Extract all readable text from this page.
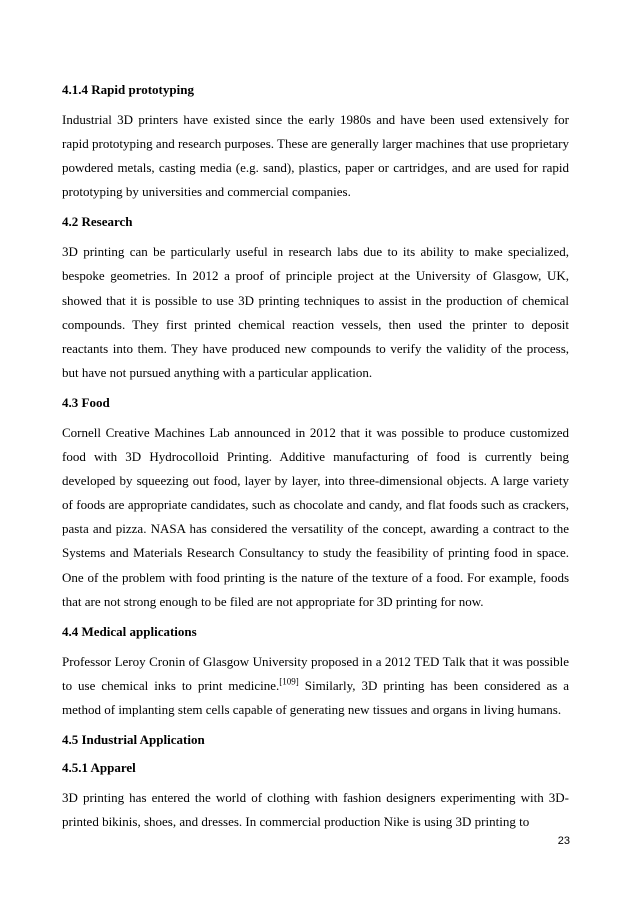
4.1.4 Rapid prototyping

Industrial 3D printers have existed since the early 1980s and have been used extensively for rapid prototyping and research purposes. These are generally larger machines that use proprietary powdered metals, casting media (e.g. sand), plastics, paper or cartridges, and are used for rapid prototyping by universities and commercial companies.

4.2 Research

3D printing can be particularly useful in research labs due to its ability to make specialized, bespoke geometries. In 2012 a proof of principle project at the University of Glasgow, UK, showed that it is possible to use 3D printing techniques to assist in the production of chemical compounds. They first printed chemical reaction vessels, then used the printer to deposit reactants into them. They have produced new compounds to verify the validity of the process, but have not pursued anything with a particular application.

4.3 Food

Cornell Creative Machines Lab announced in 2012 that it was possible to produce customized food with 3D Hydrocolloid Printing. Additive manufacturing of food is currently being developed by squeezing out food, layer by layer, into three-dimensional objects. A large variety of foods are appropriate candidates, such as chocolate and candy, and flat foods such as crackers, pasta and pizza. NASA has considered the versatility of the concept, awarding a contract to the Systems and Materials Research Consultancy to study the feasibility of printing food in space. One of the problem with food printing is the nature of the texture of a food. For example, foods that are not strong enough to be filed are not appropriate for 3D printing for now.

4.4 Medical applications

Professor Leroy Cronin of Glasgow University proposed in a 2012 TED Talk that it was possible to use chemical inks to print medicine.[109] Similarly, 3D printing has been considered as a method of implanting stem cells capable of generating new tissues and organs in living humans.

4.5 Industrial Application
4.5.1 Apparel

3D printing has entered the world of clothing with fashion designers experimenting with 3D-printed bikinis, shoes, and dresses. In commercial production Nike is using 3D printing to

23
